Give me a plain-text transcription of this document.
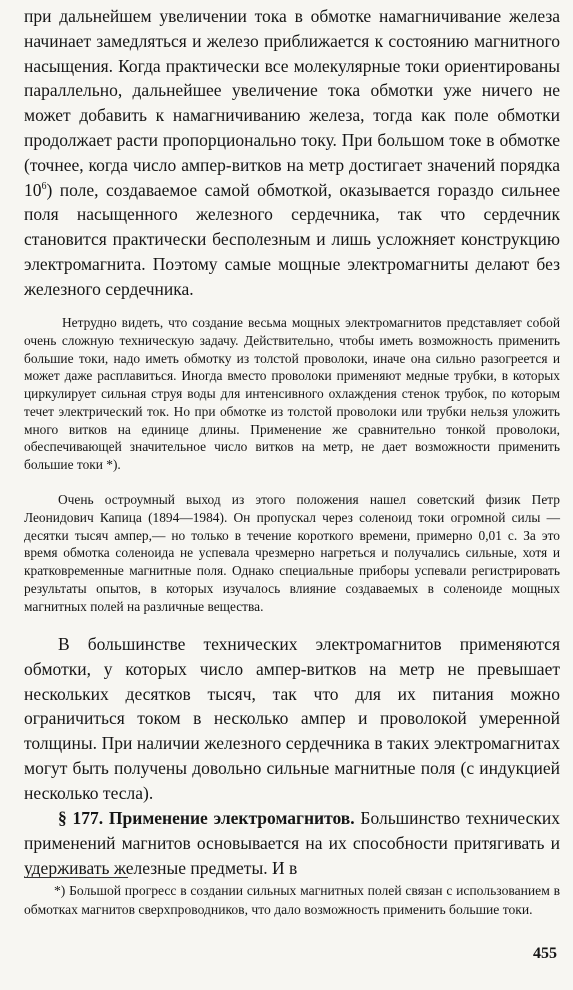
при дальнейшем увеличении тока в обмотке намагничивание железа начинает замедляться и железо приближается к состоянию магнитного насыщения. Когда практически все молекулярные токи ориентированы параллельно, дальнейшее увеличение тока обмотки уже ничего не может добавить к намагничиванию железа, тогда как поле обмотки продолжает расти пропорционально току. При большом токе в обмотке (точнее, когда число ампер-витков на метр достигает значений порядка $10^6$) поле, создаваемое самой обмоткой, оказывается гораздо сильнее поля насыщенного железного сердечника, так что сердечник становится практически бесполезным и лишь усложняет конструкцию электромагнита. Поэтому самые мощные электромагниты делают без железного сердечника.

Нетрудно видеть, что создание весьма мощных электромагнитов представляет собой очень сложную техническую задачу. Действительно, чтобы иметь возможность применить большие токи, надо иметь обмотку из толстой проволоки, иначе она сильно разогреется и может даже расплавиться. Иногда вместо проволоки применяют медные трубки, в которых циркулирует сильная струя воды для интенсивного охлаждения стенок трубок, по которым течет электрический ток. Но при обмотке из толстой проволоки или трубки нельзя уложить много витков на единице длины. Применение же сравнительно тонкой проволоки, обеспечивающей значительное число витков на метр, не дает возможности применить большие токи *).

Очень остроумный выход из этого положения нашел советский физик Петр Леонидович Капица (1894—1984). Он пропускал через соленоид токи огромной силы — десятки тысяч ампер,— но только в течение короткого времени, примерно 0,01 с. За это время обмотка соленоида не успевала чрезмерно нагреться и получались сильные, хотя и кратковременные магнитные поля. Однако специальные приборы успевали регистрировать результаты опытов, в которых изучалось влияние создаваемых в соленоиде мощных магнитных полей на различные вещества.

В большинстве технических электромагнитов применяются обмотки, у которых число ампер-витков на метр не превышает нескольких десятков тысяч, так что для их питания можно ограничиться током в несколько ампер и проволокой умеренной толщины. При наличии железного сердечника в таких электромагнитах могут быть получены довольно сильные магнитные поля (с индукцией несколько тесла).

§ 177. Применение электромагнитов. Большинство технических применений магнитов основывается на их способности притягивать и удерживать железные предметы. И в

*) Большой прогресс в создании сильных магнитных полей связан с использованием в обмотках магнитов сверхпроводников, что дало возможность применить большие токи.

455
